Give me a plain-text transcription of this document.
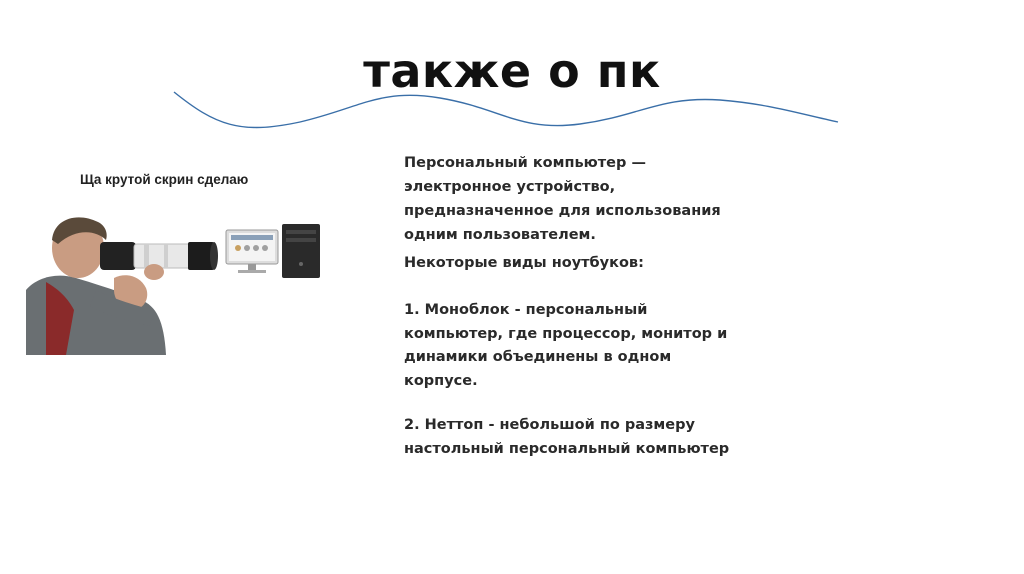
также о пк
Ща крутой скрин сделаю

Персональный компьютер — электронное устройство, предназначенное для использования одним пользователем.

Некоторые виды ноутбуков:

1. Моноблок - персональный компьютер, где процессор, монитор и динамики объединены в одном корпусе.

2. Неттоп - небольшой по размеру настольный персональный компьютер
